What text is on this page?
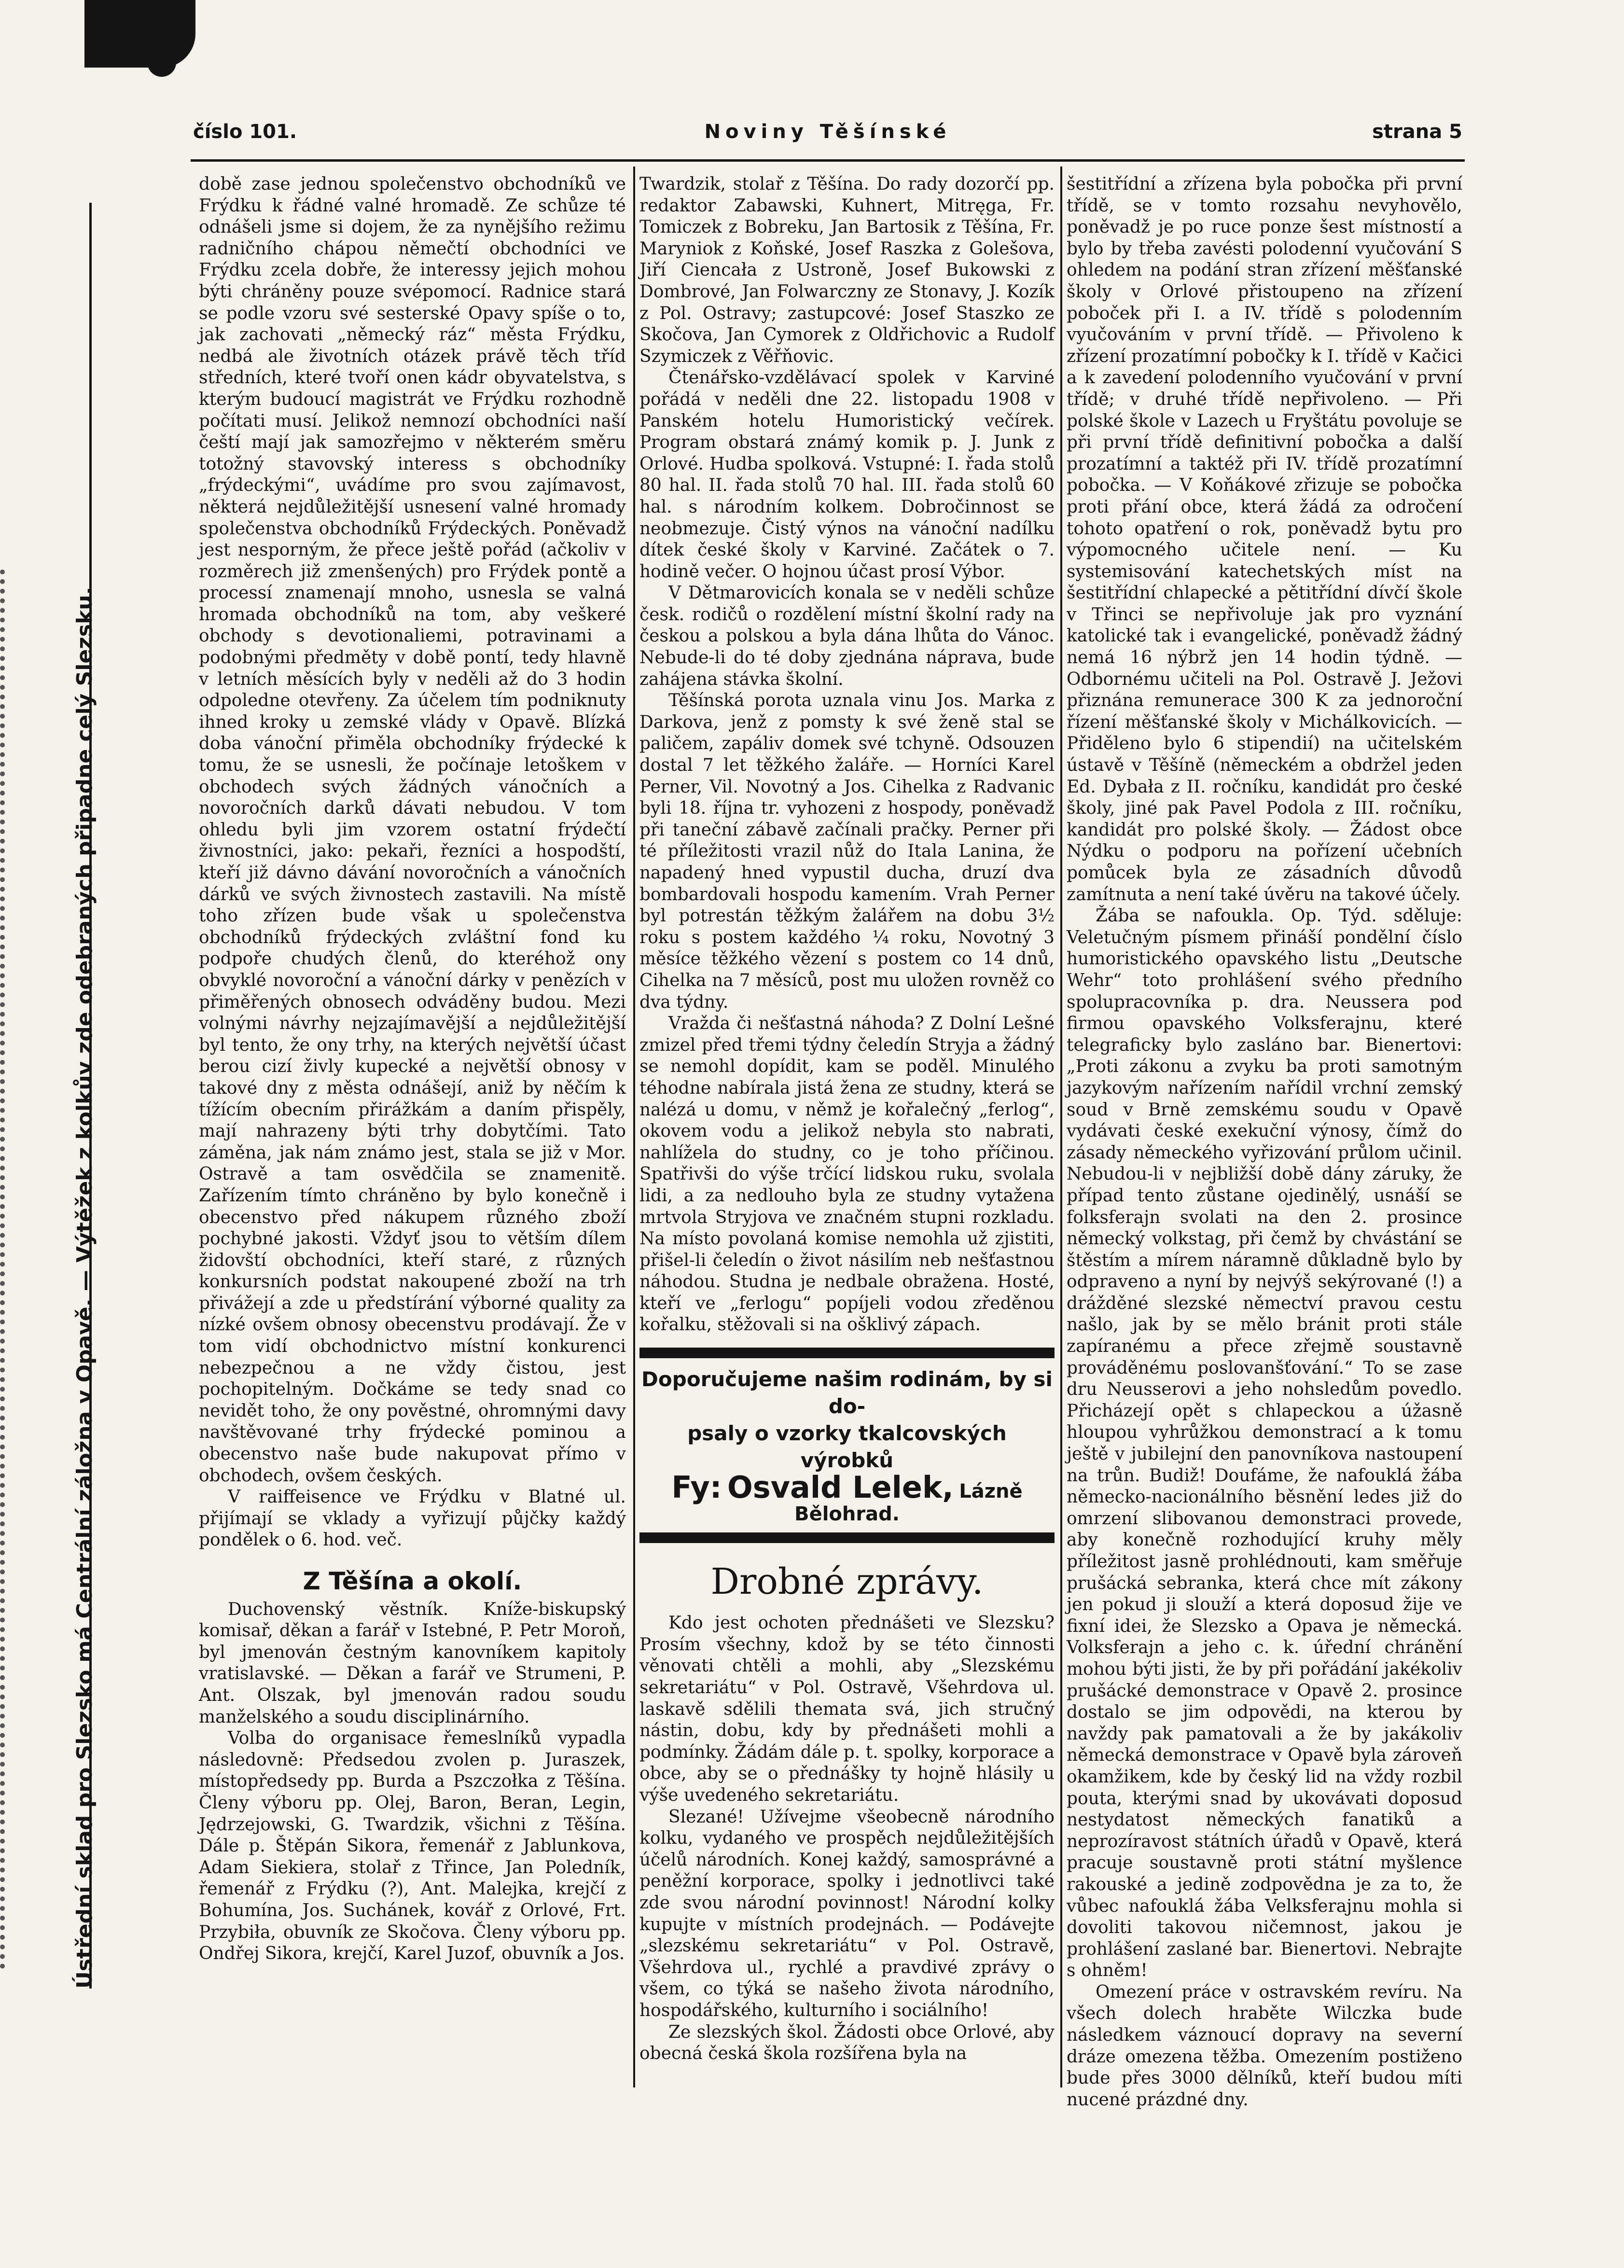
číslo 101.	Noviny Těšínské	strana 5
Ústřední sklad pro Slezsko má Centrální záložna v Opavě. — Výtěžek z kolkův zde odebraných připadne celý Slezsku.

době zase jednou společenstvo obchodníků ve Frýdku k řádné valné hromadě. Ze schůze té odnášeli jsme si dojem, že za nynějšího režimu radničního chápou němečtí obchodníci ve Frýdku zcela dobře, že interessy jejich mohou býti chráněny pouze svépomocí. Radnice stará se podle vzoru své sesterské Opavy spíše o to, jak zachovati „německý ráz“ města Frýdku, nedbá ale životních otázek právě těch tříd středních, které tvoří onen kádr obyvatelstva, s kterým budoucí magistrát ve Frýdku rozhodně počítati musí. Jelikož nemnozí obchodníci naší čeští mají jak samozřejmo v některém směru totožný stavovský interess s obchodníky „frýdeckými“, uvádíme pro svou zajímavost, některá nejdůležitější usnesení valné hromady společenstva obchodníků Frýdeckých. Poněvadž jest nesporným, že přece ještě pořád (ačkoliv v rozměrech již zmenšených) pro Frýdek pontě a processí znamenají mnoho, usnesla se valná hromada obchodníků na tom, aby veškeré obchody s devotionaliemi, potravinami a podobnými předměty v době pontí, tedy hlavně v letních měsících byly v neděli až do 3 hodin odpoledne otevřeny. Za účelem tím podniknuty ihned kroky u zemské vlády v Opavě. Blízká doba vánoční přiměla obchodníky frýdecké k tomu, že se usnesli, že počínaje letoškem v obchodech svých žádných vánočních a novoročních darků dávati nebudou. V tom ohledu byli jim vzorem ostatní frýdečtí živnostníci, jako: pekaři, řezníci a hospodští, kteří již dávno dávání novoročních a vánočních dárků ve svých živnostech zastavili. Na místě toho zřízen bude však u společenstva obchodníků frýdeckých zvláštní fond ku podpoře chudých členů, do kteréhož ony obvyklé novoroční a vánoční dárky v penězích v přiměřených obnosech odváděny budou. Mezi volnými návrhy nejzajímavější a nejdůležitější byl tento, že ony trhy, na kterých největší účast berou cizí živly kupecké a největší obnosy v takové dny z města odnášejí, aniž by něčím k tížícím obecním přirážkám a daním přispěly, mají nahrazeny býti trhy dobytčími. Tato záměna, jak nám známo jest, stala se již v Mor. Ostravě a tam osvědčila se znamenitě. Zařízením tímto chráněno by bylo konečně i obecenstvo před nákupem různého zboží pochybné jakosti. Vždyť jsou to větším dílem židovští obchodníci, kteří staré, z různých konkursních podstat nakoupené zboží na trh přivážejí a zde u předstírání výborné quality za nízké ovšem obnosy obecenstvu prodávají. Že v tom vidí obchodnictvo místní konkurenci nebezpečnou a ne vždy čistou, jest pochopitelným. Dočkáme se tedy snad co nevidět toho, že ony pověstné, ohromnými davy navštěvované trhy frýdecké pominou a obecenstvo naše bude nakupovat přímo v obchodech, ovšem českých.

V raiffeisence ve Frýdku v Blatné ul. přijímají se vklady a vyřizují půjčky každý pondělek o 6. hod. več.

Z Těšína a okolí.

Duchovenský věstník. Kníže-biskupský komisař, děkan a farář v Istebné, P. Petr Moroň, byl jmenován čestným kanovníkem kapitoly vratislavské. — Děkan a farář ve Strumeni, P. Ant. Olszak, byl jmenován radou soudu manželského a soudu disciplinárního.

Volba do organisace řemeslníků vypadla následovně: Předsedou zvolen p. Juraszek, místopředsedy pp. Burda a Pszczołka z Těšína. Členy výboru pp. Olej, Baron, Beran, Legin, Jędrzejowski, G. Twardzik, všichni z Těšína. Dále p. Štěpán Sikora, řemenář z Jablunkova, Adam Siekiera, stolař z Třince, Jan Poledník, řemenář z Frýdku (?), Ant. Malejka, krejčí z Bohumína, Jos. Suchánek, kovář z Orlové, Frt. Przybiła, obuvník ze Skočova. Členy výboru pp. Ondřej Sikora, krejčí, Karel Juzof, obuvník a Jos.

Twardzik, stolař z Těšína. Do rady dozorčí pp. redaktor Zabawski, Kuhnert, Mitręga, Fr. Tomiczek z Bobreku, Jan Bartosik z Těšína, Fr. Maryniok z Koňské, Josef Raszka z Golešova, Jiří Ciencała z Ustroně, Josef Bukowski z Dombrové, Jan Folwarczny ze Stonavy, J. Kozík z Pol. Ostravy; zastupcové: Josef Staszko ze Skočova, Jan Cymorek z Oldřichovic a Rudolf Szymiczek z Věřňovic.

Čtenářsko-vzdělávací spolek v Karviné pořádá v neděli dne 22. listopadu 1908 v Panském hotelu Humoristický večírek. Program obstará známý komik p. J. Junk z Orlové. Hudba spolková. Vstupné: I. řada stolů 80 hal. II. řada stolů 70 hal. III. řada stolů 60 hal. s národním kolkem. Dobročinnost se neobmezuje. Čistý výnos na vánoční nadílku dítek české školy v Karviné. Začátek o 7. hodině večer. O hojnou účast prosí Výbor.

V Dětmarovicích konala se v neděli schůze česk. rodičů o rozdělení místní školní rady na českou a polskou a byla dána lhůta do Vánoc. Nebude-li do té doby zjednána náprava, bude zahájena stávka školní.

Těšínská porota uznala vinu Jos. Marka z Darkova, jenž z pomsty k své ženě stal se paličem, zapáliv domek své tchyně. Odsouzen dostal 7 let těžkého žaláře. — Horníci Karel Perner, Vil. Novotný a Jos. Cihelka z Radvanic byli 18. října tr. vyhozeni z hospody, poněvadž při taneční zábavě začínali pračky. Perner při té příležitosti vrazil nůž do Itala Lanina, že napadený hned vypustil ducha, druzí dva bombardovali hospodu kamením. Vrah Perner byl potrestán těžkým žalářem na dobu 3½ roku s postem každého ¼ roku, Novotný 3 měsíce těžkého vězení s postem co 14 dnů, Cihelka na 7 měsíců, post mu uložen rovněž co dva týdny.

Vražda či nešťastná náhoda? Z Dolní Lešné zmizel před třemi týdny čeledín Stryja a žádný se nemohl dopídit, kam se poděl. Minulého téhodne nabírala jistá žena ze studny, která se nalézá u domu, v němž je kořalečný „ferlog“, okovem vodu a jelikož nebyla sto nabrati, nahlížela do studny, co je toho příčinou. Spatřivši do výše trčící lidskou ruku, svolala lidi, a za nedlouho byla ze studny vytažena mrtvola Stryjova ve značném stupni rozkladu. Na místo povolaná komise nemohla už zjistiti, přišel-li čeledín o život násilím neb nešťastnou náhodou. Studna je nedbale obražena. Hosté, kteří ve „ferlogu“ popíjeli vodou zředěnou kořalku, stěžovali si na ošklivý zápach.

Doporučujeme našim rodinám, by si do-
psaly o vzorky tkalcovských výrobků
Fy: Osvald Lelek, Lázně Bělohrad.
Drobné zprávy.

Kdo jest ochoten přednášeti ve Slezsku? Prosím všechny, kdož by se této činnosti věnovati chtěli a mohli, aby „Slezskému sekretariátu“ v Pol. Ostravě, Všehrdova ul. laskavě sdělili themata svá, jich stručný nástin, dobu, kdy by přednášeti mohli a podmínky. Žádám dále p. t. spolky, korporace a obce, aby se o přednášky ty hojně hlásily u výše uvedeného sekretariátu.

Slezané! Užívejme všeobecně národního kolku, vydaného ve prospěch nejdůležitějších účelů národních. Konej každý, samosprávné a peněžní korporace, spolky i jednotlivci také zde svou národní povinnost! Národní kolky kupujte v místních prodejnách. — Podávejte „slezskému sekretariátu“ v Pol. Ostravě, Všehrdova ul., rychlé a pravdivé zprávy o všem, co týká se našeho života národního, hospodářského, kulturního i sociálního!

Ze slezských škol. Žádosti obce Orlové, aby obecná česká škola rozšířena byla na

šestitřídní a zřízena byla pobočka při první třídě, se v tomto rozsahu nevyhovělo, poněvadž je po ruce ponze šest místností a bylo by třeba zavésti polodenní vyučování S ohledem na podání stran zřízení měšťanské školy v Orlové přistoupeno na zřízení poboček při I. a IV. třídě s polodenním vyučováním v první třídě. — Přivoleno k zřízení prozatímní pobočky k I. třídě v Kačici a k zavedení polodenního vyučování v první třídě; v druhé třídě nepřivoleno. — Při polské škole v Lazech u Fryštátu povoluje se při první třídě definitivní pobočka a další prozatímní a taktéž při IV. třídě prozatímní pobočka. — V Koňákové zřizuje se pobočka proti přání obce, která žádá za odročení tohoto opatření o rok, poněvadž bytu pro výpomocného učitele není. — Ku systemisování katechetských míst na šestitřídní chlapecké a pětitřídní dívčí škole v Třinci se nepřivoluje jak pro vyznání katolické tak i evangelické, poněvadž žádný nemá 16 nýbrž jen 14 hodin týdně. — Odbornému učiteli na Pol. Ostravě J. Ježovi přiznána remunerace 300 K za jednoroční řízení měšťanské školy v Michálkovicích. — Přiděleno bylo 6 stipendií) na učitelském ústavě v Těšíně (německém a obdržel jeden Ed. Dybała z II. ročníku, kandidát pro české školy, jiné pak Pavel Podola z III. ročníku, kandidát pro polské školy. — Žádost obce Nýdku o podporu na pořízení učebních pomůcek byla ze zásadních důvodů zamítnuta a není také úvěru na takové účely.

Žába se nafoukla. Op. Týd. sděluje: Veletučným písmem přináší pondělní číslo humoristického opavského listu „Deutsche Wehr“ toto prohlášení svého předního spolupracovníka p. dra. Neussera pod firmou opavského Volksferajnu, které telegraficky bylo zasláno bar. Bienertovi: „Proti zákonu a zvyku ba proti samotným jazykovým nařízením nařídil vrchní zemský soud v Brně zemskému soudu v Opavě vydávati české exekuční výnosy, čímž do zásady německého vyřizování průlom učinil. Nebudou-li v nejbližší době dány záruky, že případ tento zůstane ojedinělý, usnáší se folksferajn svolati na den 2. prosince německý volkstag, při čemž by chvástání se štěstím a mírem náramně důkladně bylo by odpraveno a nyní by nejvýš sekýrované (!) a drážděné slezské němectví pravou cestu našlo, jak by se mělo bránit proti stále zapíranému a přece zřejmě soustavně prováděnému poslovanšťování.“ To se zase dru Neusserovi a jeho nohsledům povedlo. Přicházejí opět s chlapeckou a úžasně hloupou vyhrůžkou demonstrací a k tomu ještě v jubilejní den panovníkova nastoupení na trůn. Budiž! Doufáme, že nafouklá žába německo-nacionálního běsnění ledes již do omrzení slibovanou demonstraci provede, aby konečně rozhodující kruhy měly příležitost jasně prohlédnouti, kam směřuje prušácká sebranka, která chce mít zákony jen pokud ji slouží a která doposud žije ve fixní idei, že Slezsko a Opava je německá. Volksferajn a jeho c. k. úřední chránění mohou býti jisti, že by při pořádání jakékoliv prušácké demonstrace v Opavě 2. prosince dostalo se jim odpovědi, na kterou by navždy pak pamatovali a že by jakákoliv německá demonstrace v Opavě byla zároveň okamžikem, kde by český lid na vždy rozbil pouta, kterými snad by ukovávati doposud nestydatost německých fanatiků a neprozíravost státních úřadů v Opavě, která pracuje soustavně proti státní myšlence rakouské a jedině zodpovědna je za to, že vůbec nafouklá žába Velksferajnu mohla si dovoliti takovou ničemnost, jakou je prohlášení zaslané bar. Bienertovi. Nebrajte s ohněm!

Omezení práce v ostravském revíru. Na všech dolech hraběte Wilczka bude následkem váznoucí dopravy na severní dráze omezena těžba. Omezením postiženo bude přes 3000 dělníků, kteří budou míti nucené prázdné dny.
